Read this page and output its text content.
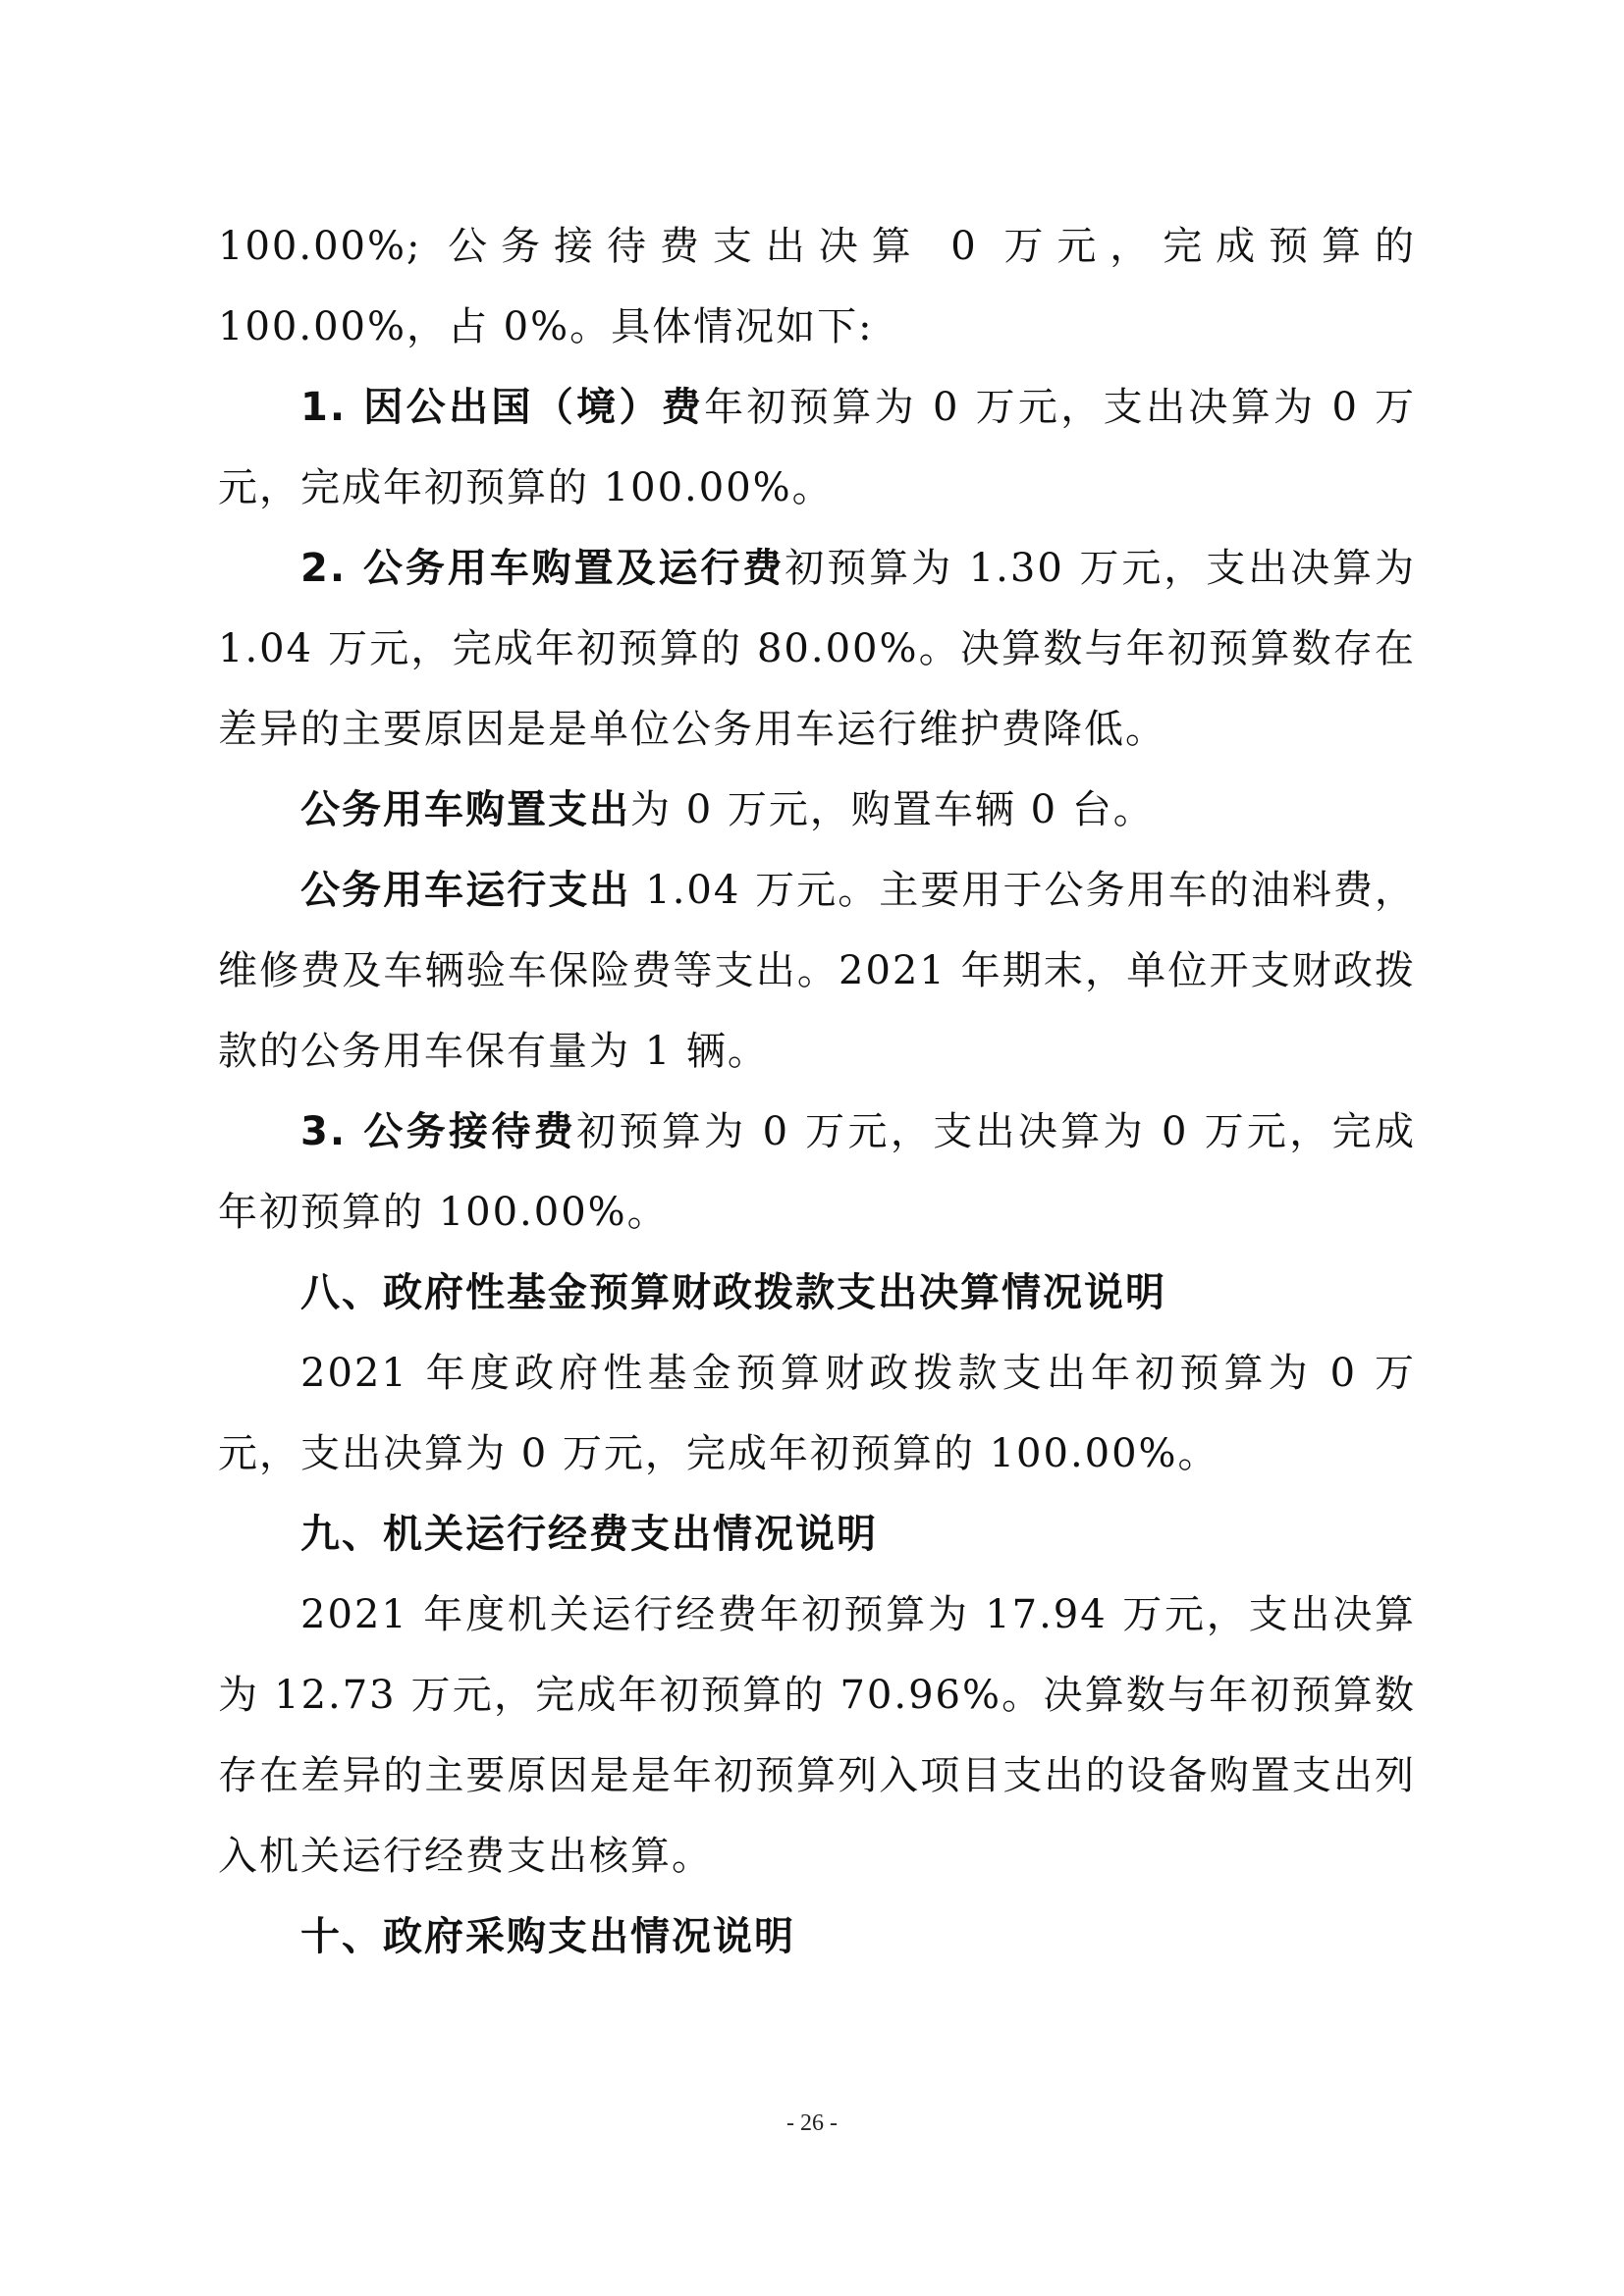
100.00%; 公务接待费支出决算 0 万元，完成预算的 100.00%，占 0%。具体情况如下:

1. 因公出国（境）费年初预算为 0 万元，支出决算为 0 万元，完成年初预算的 100.00%。

2. 公务用车购置及运行费初预算为 1.30 万元，支出决算为 1.04 万元，完成年初预算的 80.00%。决算数与年初预算数存在差异的主要原因是是单位公务用车运行维护费降低。

公务用车购置支出为 0 万元，购置车辆 0 台。

公务用车运行支出 1.04 万元。主要用于公务用车的油料费，维修费及车辆验车保险费等支出。2021 年期末，单位开支财政拨款的公务用车保有量为 1 辆。

3. 公务接待费初预算为 0 万元，支出决算为 0 万元，完成年初预算的 100.00%。

八、政府性基金预算财政拨款支出决算情况说明

2021 年度政府性基金预算财政拨款支出年初预算为 0 万元，支出决算为 0 万元，完成年初预算的 100.00%。

九、机关运行经费支出情况说明

2021 年度机关运行经费年初预算为 17.94 万元，支出决算为 12.73 万元，完成年初预算的 70.96%。决算数与年初预算数存在差异的主要原因是是年初预算列入项目支出的设备购置支出列入机关运行经费支出核算。

十、政府采购支出情况说明

- 26 -
